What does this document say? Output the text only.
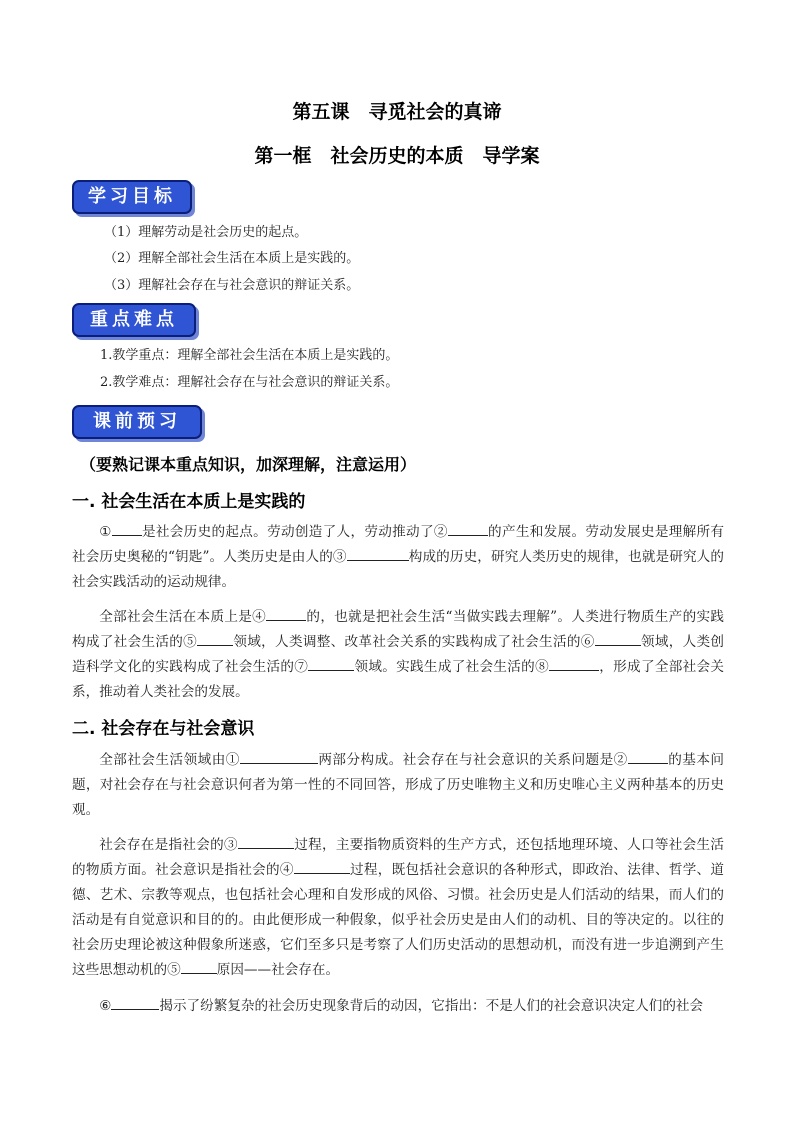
第五课　寻觅社会的真谛
第一框　社会历史的本质　导学案
学习目标
（1）理解劳动是社会历史的起点。
（2）理解全部社会生活在本质上是实践的。
（3）理解社会存在与社会意识的辩证关系。
重点难点
1.教学重点：理解全部社会生活在本质上是实践的。
2.教学难点：理解社会存在与社会意识的辩证关系。
课前预习
（要熟记课本重点知识，加深理解，注意运用）
一. 社会生活在本质上是实践的

① 是社会历史的起点。劳动创造了人，劳动推动了②	的产生和发展。劳动发展史是理解所有社会历史奥秘的“钥匙”。人类历史是由人的③	构成的历史，研究人类历史的规律，也就是研究人的社会实践活动的运动规律。

全部社会生活在本质上是④	的，也就是把社会生活“当做实践去理解”。人类进行物质生产的实践构成了社会生活的⑤	领域，人类调整、改革社会关系的实践构成了社会生活的⑥	领域，人类创造科学文化的实践构成了社会生活的⑦	领域。实践生成了社会生活的⑧	，形成了全部社会关系，推动着人类社会的发展。

二. 社会存在与社会意识

全部社会生活领域由①	两部分构成。社会存在与社会意识的关系问题是②	的基本问题，对社会存在与社会意识何者为第一性的不同回答，形成了历史唯物主义和历史唯心主义两种基本的历史观。

社会存在是指社会的③	过程，主要指物质资料的生产方式，还包括地理环境、人口等社会生活的物质方面。社会意识是指社会的④	过程，既包括社会意识的各种形式，即政治、法律、哲学、道德、艺术、宗教等观点，也包括社会心理和自发形成的风俗、习惯。社会历史是人们活动的结果，而人们的活动是有自觉意识和目的的。由此便形成一种假象，似乎社会历史是由人们的动机、目的等决定的。以往的社会历史理论被这种假象所迷惑，它们至多只是考察了人们历史活动的思想动机，而没有进一步追溯到产生这些思想动机的⑤	原因——社会存在。

⑥	揭示了纷繁复杂的社会历史现象背后的动因，它指出：不是人们的社会意识决定人们的社会
